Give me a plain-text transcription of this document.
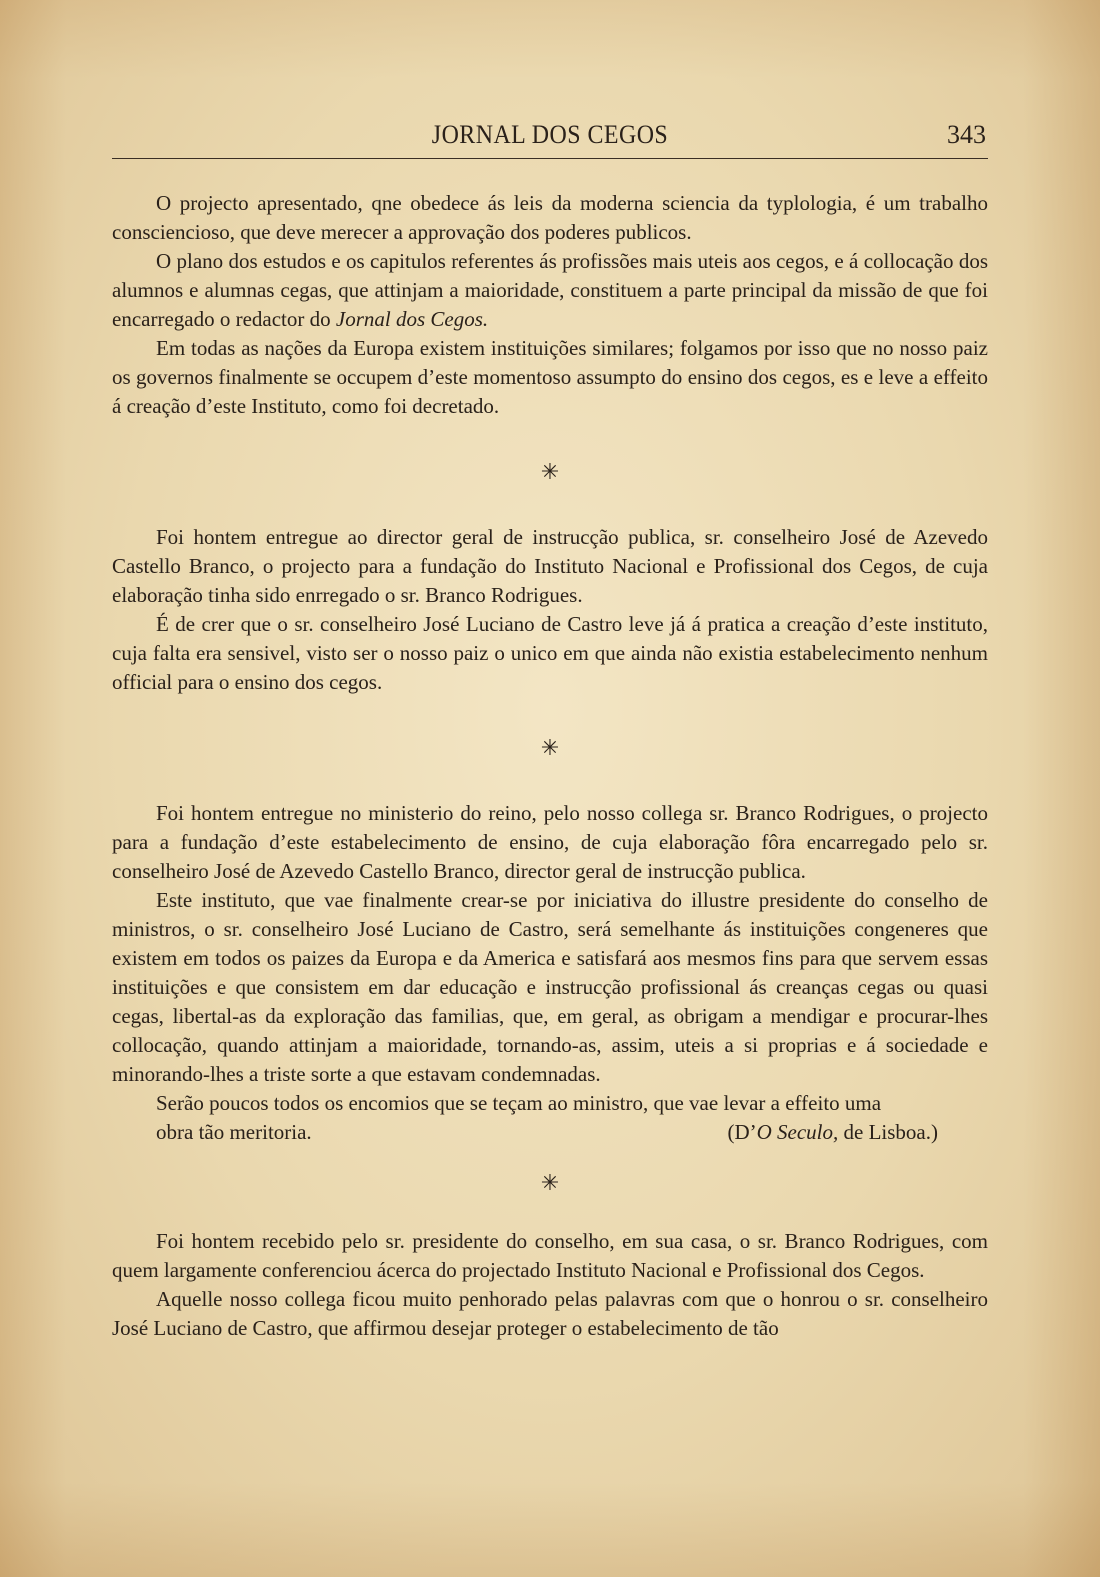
JORNAL DOS CEGOS	343

O projecto apresentado, qne obedece ás leis da moderna sciencia da typlologia, é um trabalho consciencioso, que deve merecer a approvação dos poderes publicos.

O plano dos estudos e os capitulos referentes ás profissões mais uteis aos cegos, e á collocação dos alumnos e alumnas cegas, que attinjam a maioridade, constituem a parte principal da missão de que foi encarregado o redactor do Jornal dos Cegos.

Em todas as nações da Europa existem instituições similares; folgamos por isso que no nosso paiz os governos finalmente se occupem d’este momentoso assumpto do ensino dos cegos, es e leve a effeito á creação d’este Instituto, como foi decretado.

✳

Foi hontem entregue ao director geral de instrucção publica, sr. conselheiro José de Azevedo Castello Branco, o projecto para a fundação do Instituto Nacional e Profissional dos Cegos, de cuja elaboração tinha sido enrregado o sr. Branco Rodrigues.

É de crer que o sr. conselheiro José Luciano de Castro leve já á pratica a creação d’este instituto, cuja falta era sensivel, visto ser o nosso paiz o unico em que ainda não existia estabelecimento nenhum official para o ensino dos cegos.

✳

Foi hontem entregue no ministerio do reino, pelo nosso collega sr. Branco Rodrigues, o projecto para a fundação d’este estabelecimento de ensino, de cuja elaboração fôra encarregado pelo sr. conselheiro José de Azevedo Castello Branco, director geral de instrucção publica.

Este instituto, que vae finalmente crear-se por iniciativa do illustre presidente do conselho de ministros, o sr. conselheiro José Luciano de Castro, será semelhante ás instituições congeneres que existem em todos os paizes da Europa e da America e satisfará aos mesmos fins para que servem essas instituições e que consistem em dar educação e instrucção profissional ás creanças cegas ou quasi cegas, libertal-as da exploração das familias, que, em geral, as obrigam a mendigar e procurar-lhes collocação, quando attinjam a maioridade, tornando-as, assim, uteis a si proprias e á sociedade e minorando-lhes a triste sorte a que estavam condemnadas.

Serão poucos todos os encomios que se teçam ao ministro, que vae levar a effeito uma

obra tão meritoria.	(D’O Seculo, de Lisboa.)

✳

Foi hontem recebido pelo sr. presidente do conselho, em sua casa, o sr. Branco Rodrigues, com quem largamente conferenciou ácerca do projectado Instituto Nacional e Profissional dos Cegos.

Aquelle nosso collega ficou muito penhorado pelas palavras com que o honrou o sr. conselheiro José Luciano de Castro, que affirmou desejar proteger o estabelecimento de tão
